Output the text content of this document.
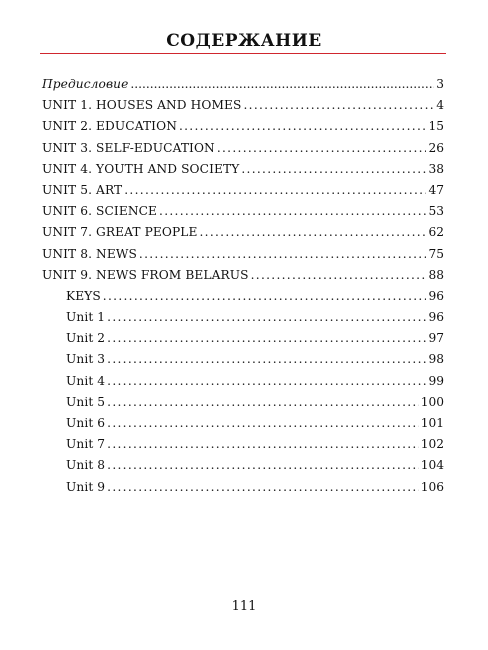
СОДЕРЖАНИЕ
Предисловие .....	3
UNIT 1. HOUSES AND HOMES .....	4
UNIT 2. EDUCATION .....	15
UNIT 3. SELF-EDUCATION .....	26
UNIT 4. YOUTH AND SOCIETY .....	38
UNIT 5. ART .....	47
UNIT 6. SCIENCE .....	53
UNIT 7. GREAT PEOPLE .....	62
UNIT 8. NEWS .....	75
UNIT 9. NEWS FROM BELARUS .....	88
KEYS .....	96
Unit 1 .....	96
Unit 2 .....	97
Unit 3 .....	98
Unit 4 .....	99
Unit 5 .....	100
Unit 6 .....	101
Unit 7 .....	102
Unit 8 .....	104
Unit 9 .....	106
111
